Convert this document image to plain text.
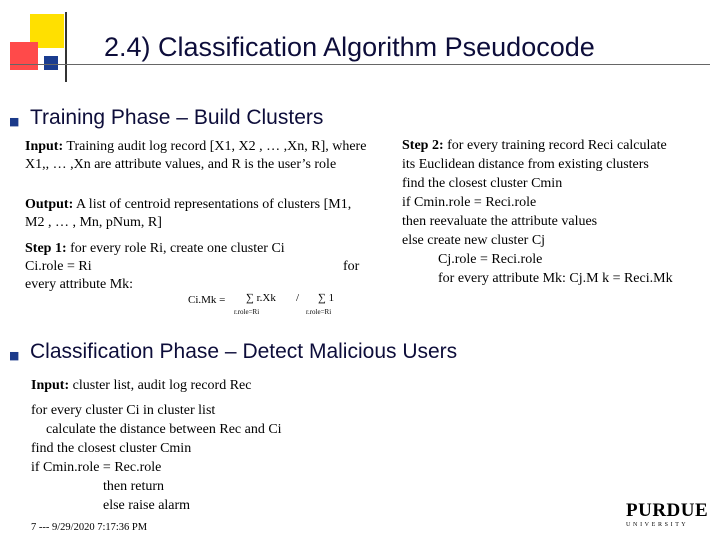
2.4) Classification Algorithm Pseudocode
■ Training Phase – Build Clusters
Input: Training audit log record [X1, X2 , … ,Xn, R], where X1,, … ,Xn are attribute values, and R is the user’s role
Output: A list of centroid representations of clusters [M1, M2 , … , Mn, pNum, R]
Step 1: for every role Ri, create one cluster Ci
Ci.role = Ri	for
every attribute Mk:
Ci.Mk = ∑ r.Xk
r.role=Ri
/ ∑ 1
r.role=Ri
Step 2: for every training record Reci calculate
its Euclidean distance from existing clusters
find the closest cluster Cmin
if Cmin.role = Reci.role
then reevaluate the attribute values
else create new cluster Cj
Cj.role = Reci.role
for every attribute Mk: Cj.M k = Reci.Mk
■ Classification Phase – Detect Malicious Users
Input: cluster list, audit log record Rec
for every cluster Ci in cluster list
calculate the distance between Rec and Ci
find the closest cluster Cmin
if Cmin.role = Rec.role
then return
else raise alarm
7 --- 9/29/2020 7:17:36 PM
PURDUE
U N I V E R S I T Y
